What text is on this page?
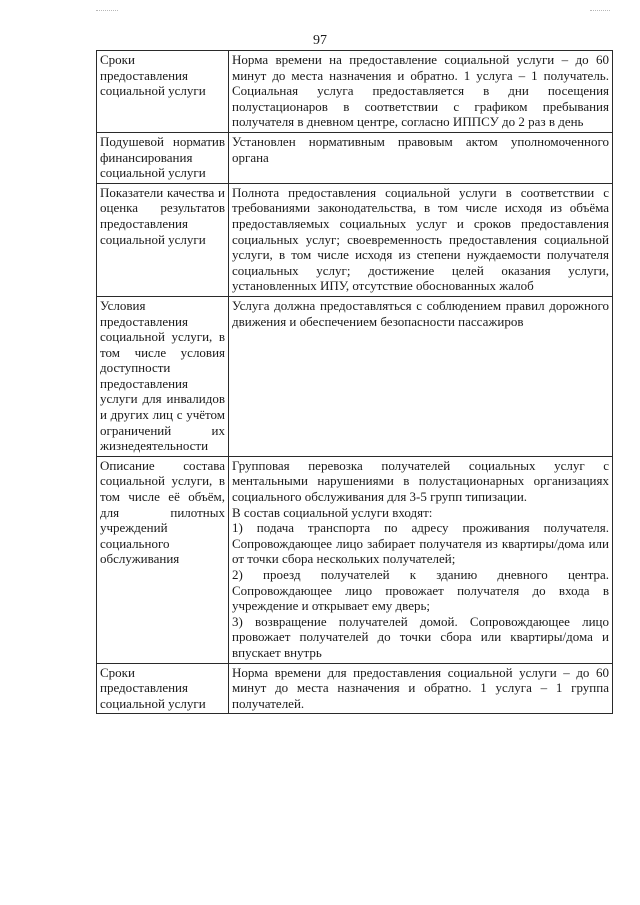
97
Сроки предоставления социальной услуги	Норма времени на предоставление социальной услуги – до 60 минут до места назначения и обратно. 1 услуга – 1 получатель. Социальная услуга предоставляется в дни посещения полустационаров в соответствии с графиком пребывания получателя в дневном центре, согласно ИППСУ до 2 раз в день

Подушевой норматив финансирования социальной услуги	Установлен нормативным правовым актом уполномоченного органа

Показатели качества и оценка результатов предоставления социальной услуги	Полнота предоставления социальной услуги в соответствии с требованиями законодательства, в том числе исходя из объёма предоставляемых социальных услуг и сроков предоставления социальных услуг; своевременность предоставления социальной услуги, в том числе исходя из степени нуждаемости получателя социальных услуг; достижение целей оказания услуги, установленных ИПУ, отсутствие обоснованных жалоб

Условия предоставления социальной услуги, в том числе условия доступности предоставления услуги для инвалидов и других лиц с учётом ограничений их жизнедеятельности	Услуга должна предоставляться с соблюдением правил дорожного движения и обеспечением безопасности пассажиров

Описание состава социальной услуги, в том числе её объём, для пилотных учреждений социального обслуживания	Групповая перевозка получателей социальных услуг с ментальными нарушениями в полустационарных организациях социального обслуживания для 3-5 групп типизации.

В состав социальной услуги входят:

1) подача транспорта по адресу проживания получателя. Сопровождающее лицо забирает получателя из квартиры/дома или от точки сбора нескольких получателей;

2) проезд получателей к зданию дневного центра. Сопровождающее лицо провожает получателя до входа в учреждение и открывает ему дверь;

3) возвращение получателей домой. Сопровождающее лицо провожает получателей до точки сбора или квартиры/дома и впускает внутрь

Сроки предоставления социальной услуги	Норма времени для предоставления социальной услуги – до 60 минут до места назначения и обратно. 1 услуга – 1 группа получателей.
